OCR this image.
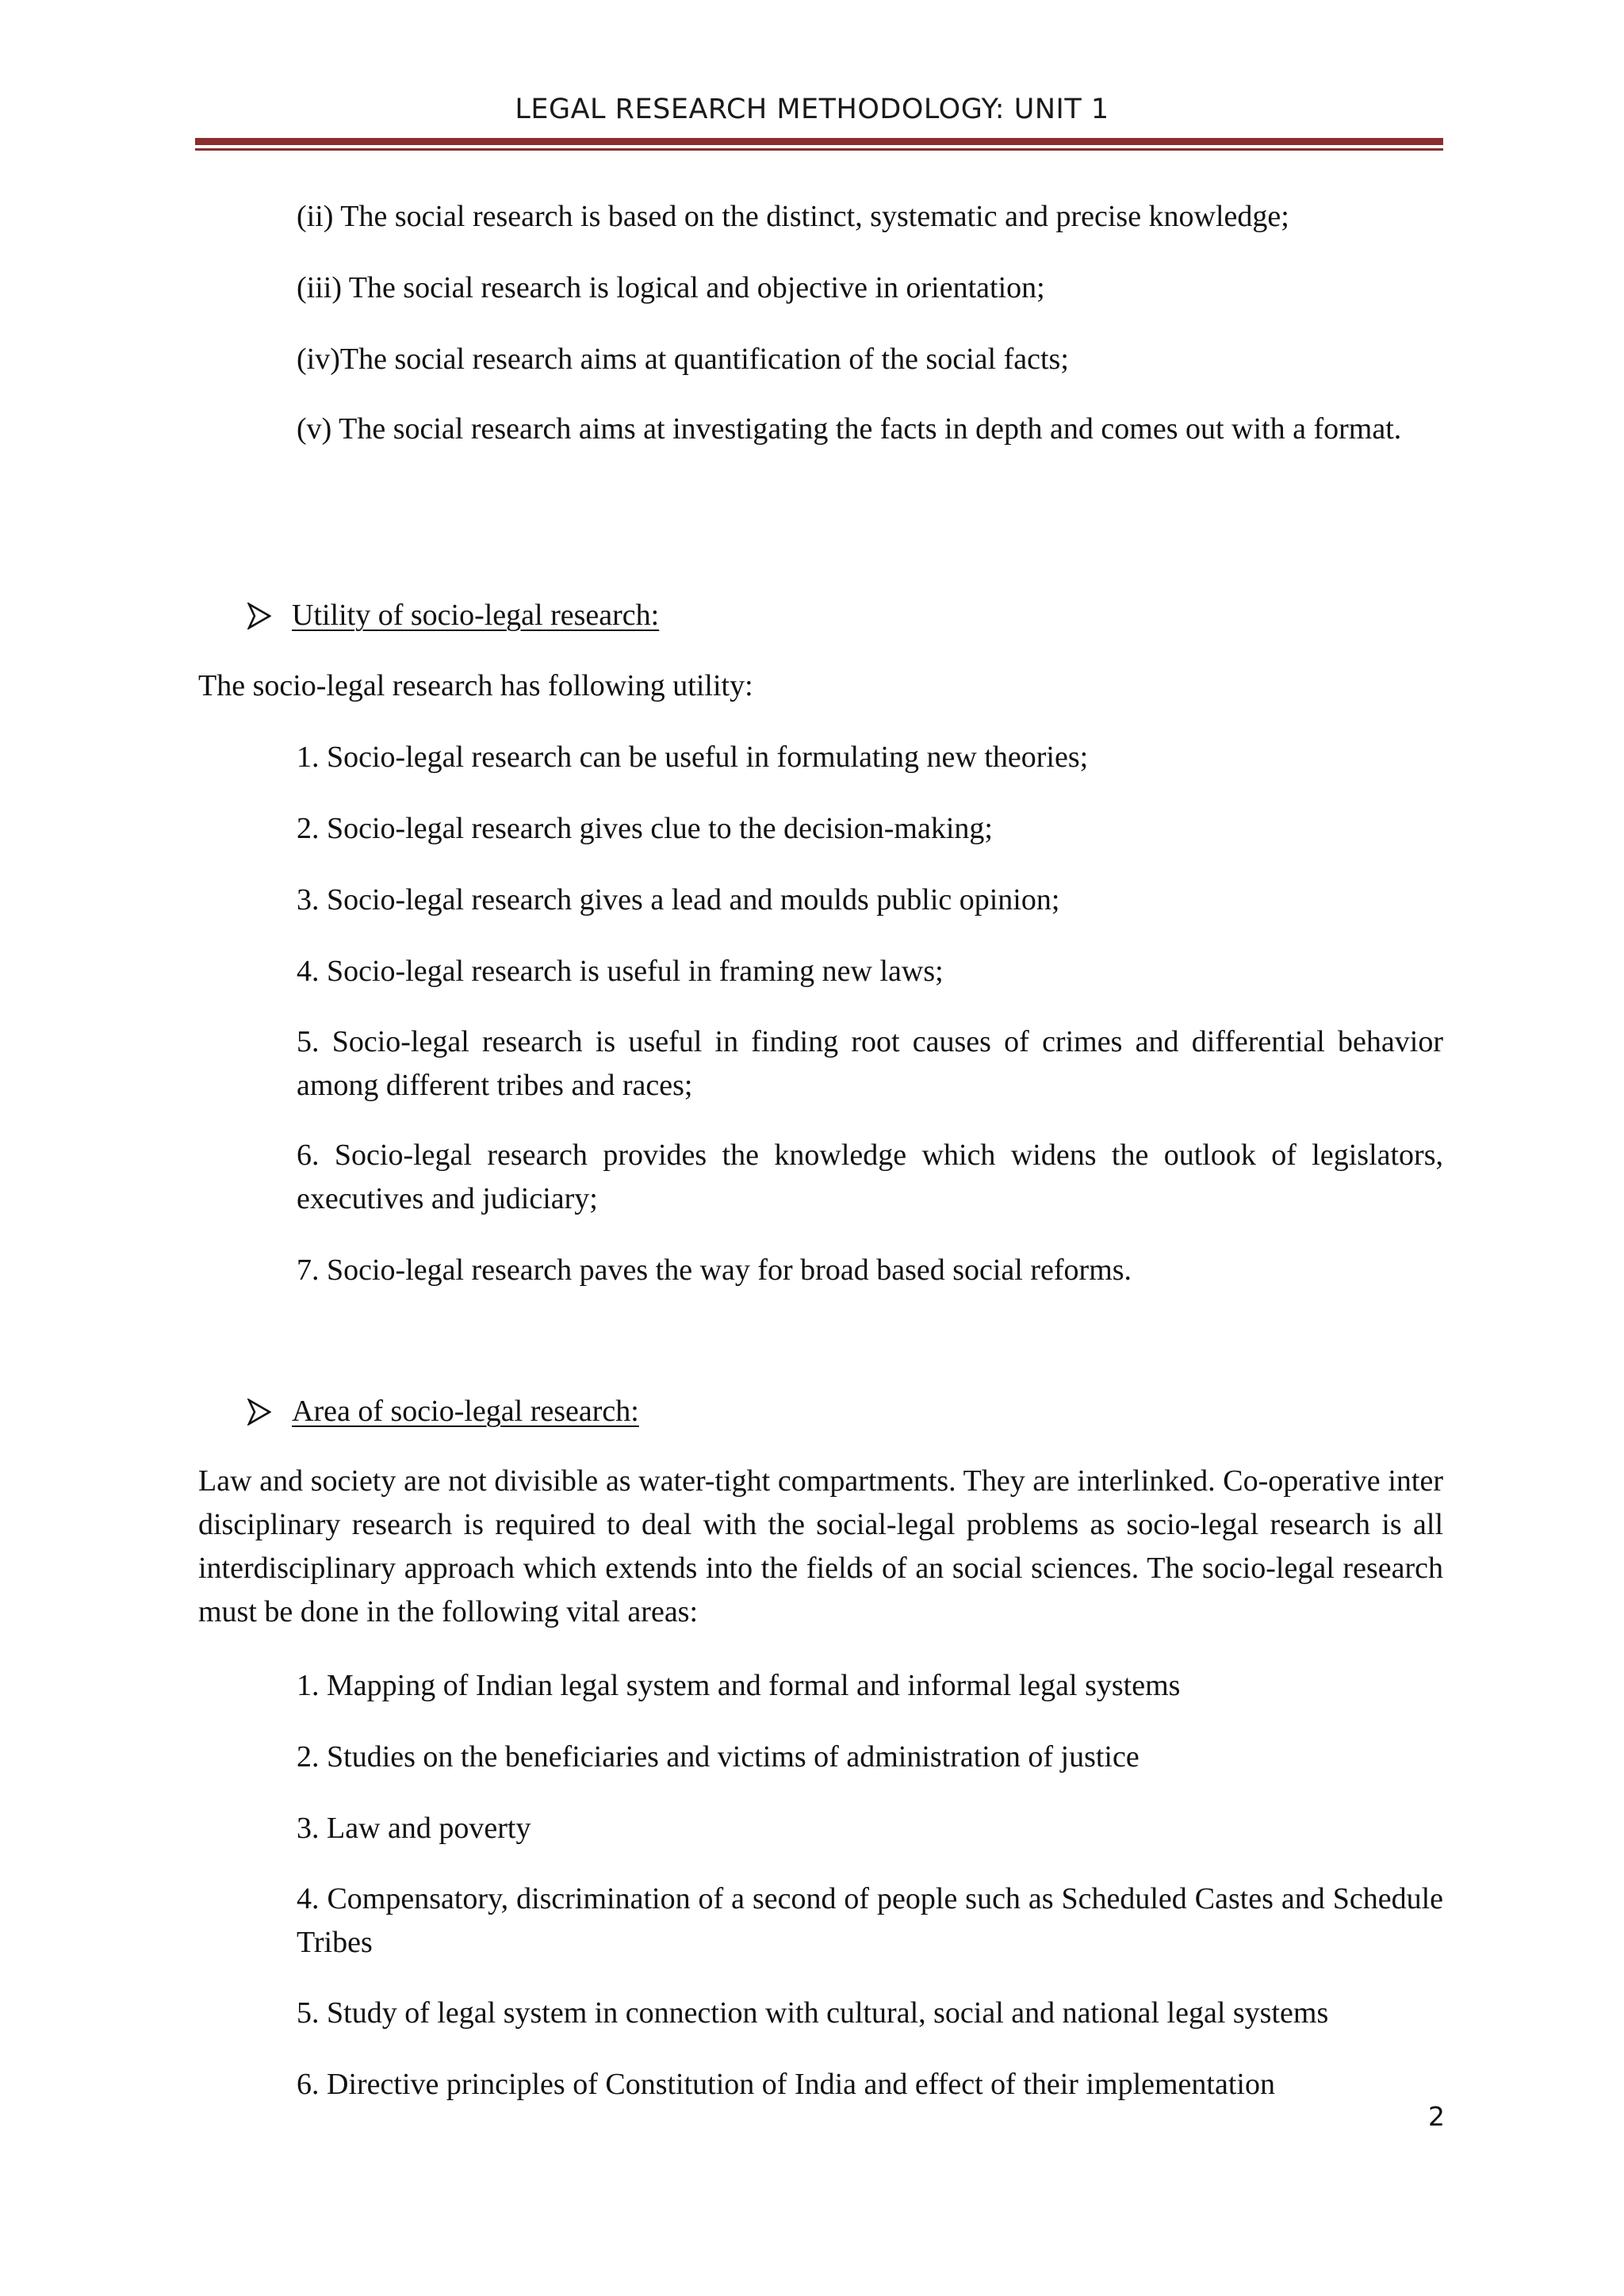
LEGAL RESEARCH METHODOLOGY: UNIT 1

(ii) The social research is based on the distinct, systematic and precise knowledge;

(iii) The social research is logical and objective in orientation;

(iv)The social research aims at quantification of the social facts;

(v) The social research aims at investigating the facts in depth and comes out with a format.

Utility of socio-legal research:

The socio-legal research has following utility:

1. Socio-legal research can be useful in formulating new theories;

2. Socio-legal research gives clue to the decision-making;

3. Socio-legal research gives a lead and moulds public opinion;

4. Socio-legal research is useful in framing new laws;

5. Socio-legal research is useful in finding root causes of crimes and differential behavior among different tribes and races;

6. Socio-legal research provides the knowledge which widens the outlook of legislators, executives and judiciary;

7. Socio-legal research paves the way for broad based social reforms.

Area of socio-legal research:

Law and society are not divisible as water-tight compartments. They are interlinked. Co-operative inter disciplinary research is required to deal with the social-legal problems as socio-legal research is all interdisciplinary approach which extends into the fields of an social sciences. The socio-legal research must be done in the following vital areas:

1. Mapping of Indian legal system and formal and informal legal systems

2. Studies on the beneficiaries and victims of administration of justice

3. Law and poverty

4. Compensatory, discrimination of a second of people such as Scheduled Castes and Schedule Tribes

5. Study of legal system in connection with cultural, social and national legal systems

6. Directive principles of Constitution of India and effect of their implementation

2
